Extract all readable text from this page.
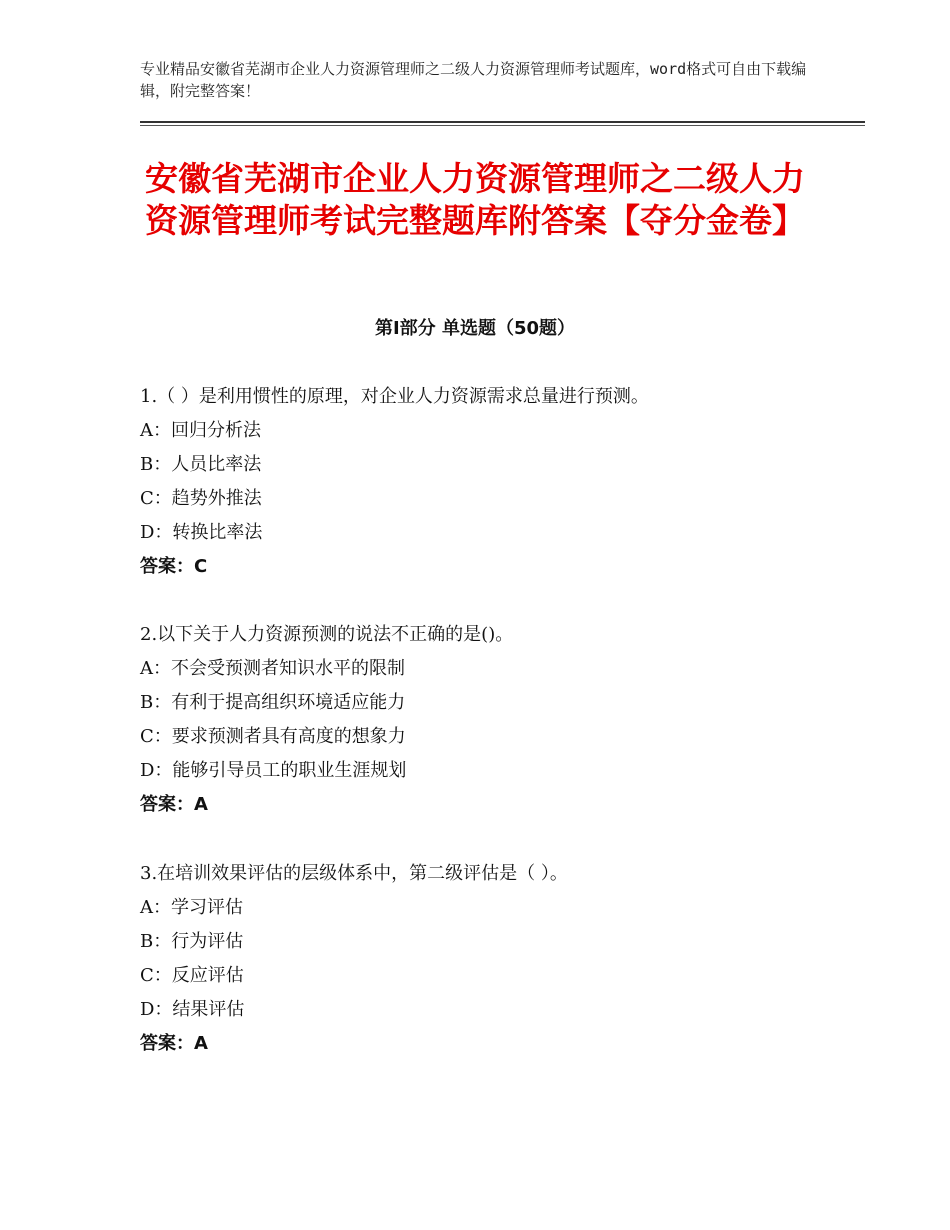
专业精品安徽省芜湖市企业人力资源管理师之二级人力资源管理师考试题库，word格式可自由下载编辑，附完整答案！
安徽省芜湖市企业人力资源管理师之二级人力资源管理师考试完整题库附答案【夺分金卷】
第Ⅰ部分 单选题（50题）
1.（ ）是利用惯性的原理，对企业人力资源需求总量进行预测。
A：回归分析法
B：人员比率法
C：趋势外推法
D：转换比率法
答案：C
2.以下关于人力资源预测的说法不正确的是()。
A：不会受预测者知识水平的限制
B：有利于提高组织环境适应能力
C：要求预测者具有高度的想象力
D：能够引导员工的职业生涯规划
答案：A
3.在培训效果评估的层级体系中，第二级评估是（ ）。
A：学习评估
B：行为评估
C：反应评估
D：结果评估
答案：A
